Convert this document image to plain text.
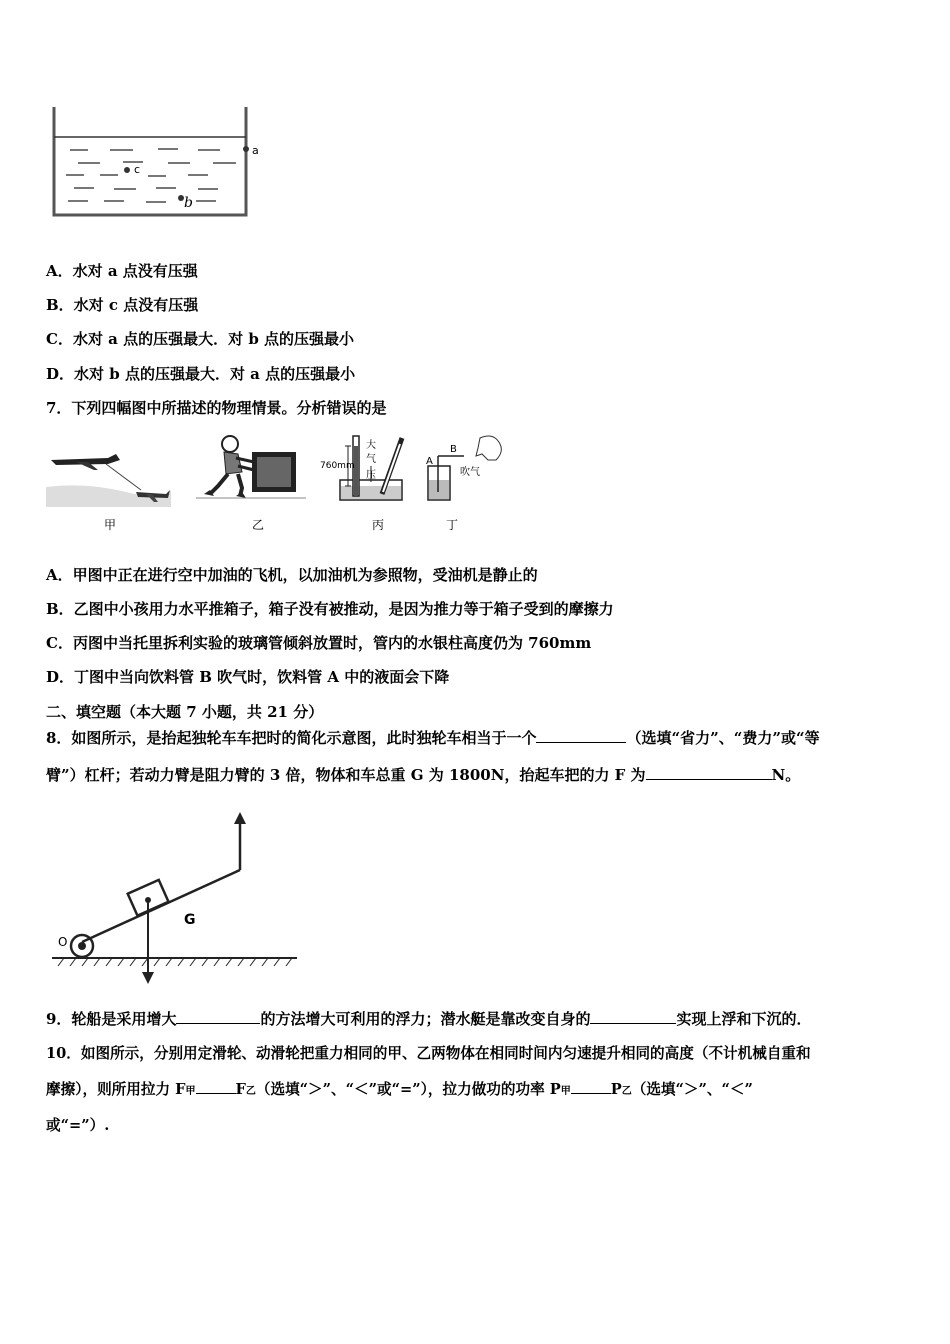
a
c
b
A．水对 a 点没有压强
B．水对 c 点没有压强
C．水对 a 点的压强最大．对 b 点的压强最小
D．水对 b 点的压强最大．对 a 点的压强最小
7．下列四幅图中所描述的物理情景。分析错误的是
甲	乙
760mm
大
气
压
丙
B
A
吹气
丁
A．甲图中正在进行空中加油的飞机，以加油机为参照物，受油机是静止的
B．乙图中小孩用力水平推箱子，箱子没有被推动，是因为推力等于箱子受到的摩擦力
C．丙图中当托里拆利实验的玻璃管倾斜放置时，管内的水银柱高度仍为 760mm
D．丁图中当向饮料管 B 吹气时，饮料管 A 中的液面会下降
二、填空题（本大题 7 小题，共 21 分）
8．如图所示，是抬起独轮车车把时的简化示意图，此时独轮车相当于一个	（选填“省力”、“费力”或“等
臂”）杠杆；若动力臂是阻力臂的 3 倍，物体和车总重 G 为 1800N，抬起车把的力 F 为	N。
O
G
9．轮船是采用增大	的方法增大可利用的浮力；潜水艇是靠改变自身的	实现上浮和下沉的．
10．如图所示，分别用定滑轮、动滑轮把重力相同的甲、乙两物体在相同时间内匀速提升相同的高度（不计机械自重和
摩擦），则所用拉力 F甲	F乙（选填“＞”、“＜”或“=”），拉力做功的功率 P甲	P乙（选填“＞”、“＜”
或“=”）.
